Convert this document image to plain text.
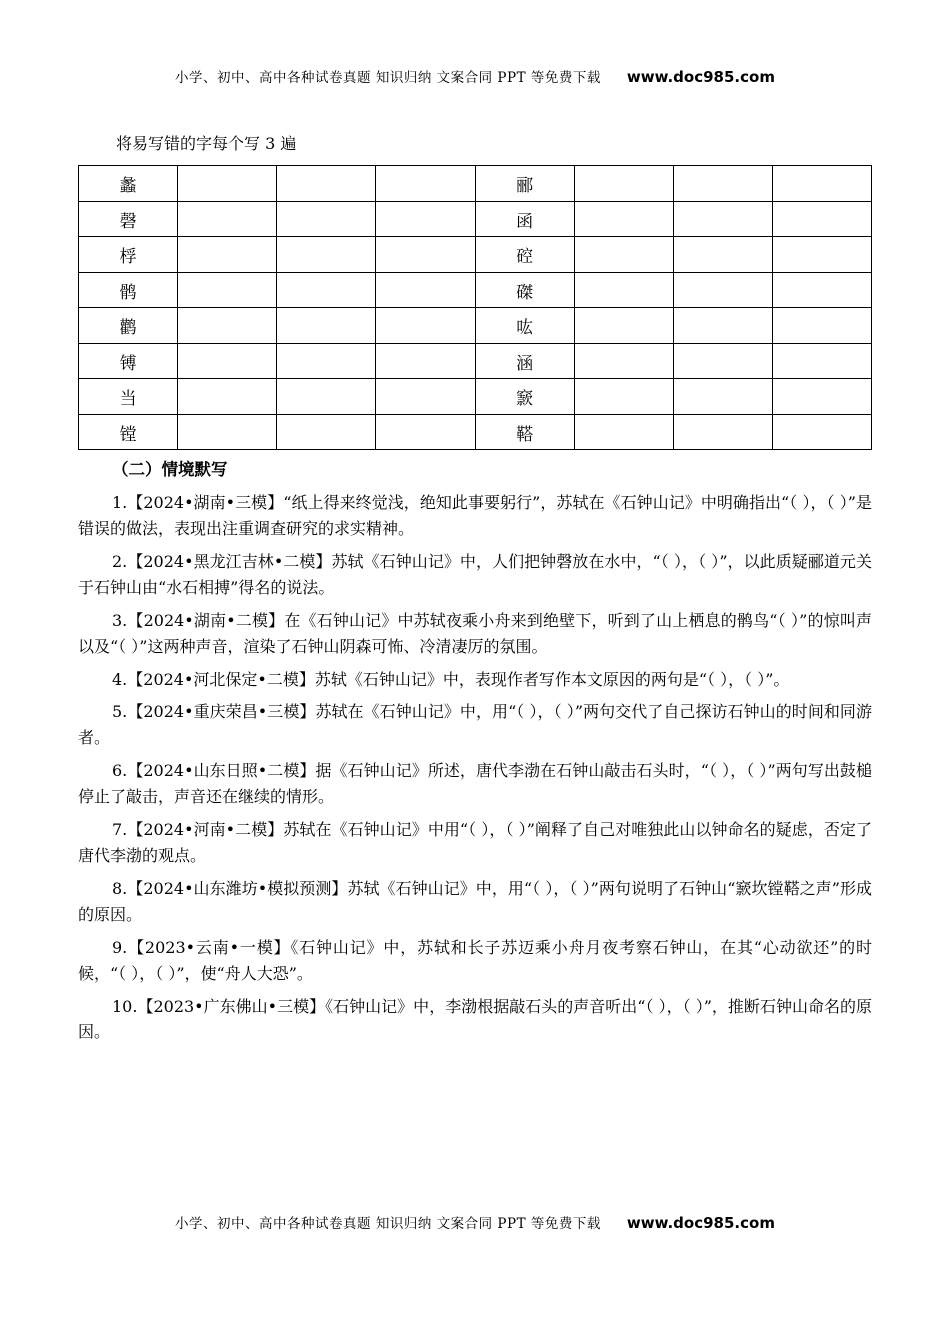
小学、初中、高中各种试卷真题 知识归纳 文案合同 PPT 等免费下载 www.doc985.com
将易写错的字每个写 3 遍
蠡				郦			
磬				函			
桴				硿			
鹘				磔			
鹳				吰			
镈				涵			
当				窾			
镗				鞳			
（二）情境默写
1.【2024•湖南•三模】“纸上得来终觉浅，绝知此事要躬行”，苏轼在《石钟山记》中明确指出“（ ），（ ）”是错误的做法，表现出注重调查研究的求实精神。
2.【2024•黑龙江吉林•二模】苏轼《石钟山记》中，人们把钟磬放在水中，“（ ），（ ）”，以此质疑郦道元关于石钟山由“水石相搏”得名的说法。
3.【2024•湖南•二模】在《石钟山记》中苏轼夜乘小舟来到绝壁下，听到了山上栖息的鹘鸟“（ ）”的惊叫声以及“（ ）”这两种声音，渲染了石钟山阴森可怖、冷清凄厉的氛围。
4.【2024•河北保定•二模】苏轼《石钟山记》中，表现作者写作本文原因的两句是“（ ），（ ）”。
5.【2024•重庆荣昌•三模】苏轼在《石钟山记》中，用“（ ），（ ）”两句交代了自己探访石钟山的时间和同游者。
6.【2024•山东日照•二模】据《石钟山记》所述，唐代李渤在石钟山敲击石头时，“（ ），（ ）”两句写出鼓槌停止了敲击，声音还在继续的情形。
7.【2024•河南•二模】苏轼在《石钟山记》中用“（ ），（ ）”阐释了自己对唯独此山以钟命名的疑虑，否定了唐代李渤的观点。
8.【2024•山东潍坊•模拟预测】苏轼《石钟山记》中，用“（ ），（ ）”两句说明了石钟山“窾坎镗鞳之声”形成的原因。
9.【2023•云南•一模】《石钟山记》中，苏轼和长子苏迈乘小舟月夜考察石钟山，在其“心动欲还”的时候，“（ ），（ ）”，使“舟人大恐”。
10.【2023•广东佛山•三模】《石钟山记》中，李渤根据敲石头的声音听出“（ ），（ ）”，推断石钟山命名的原因。
小学、初中、高中各种试卷真题 知识归纳 文案合同 PPT 等免费下载 www.doc985.com
